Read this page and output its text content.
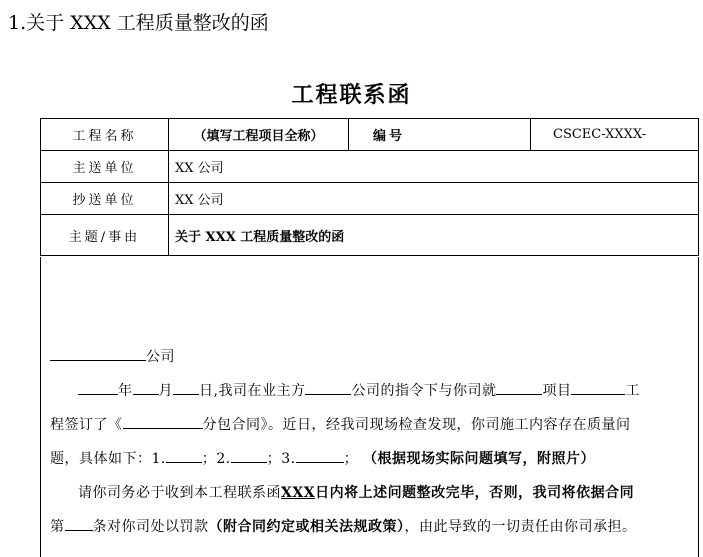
1.关于 XXX 工程质量整改的函
工程联系函
工程名称	（填写工程项目全称）	编号	CSCEC-XXXX-
主送单位	XX 公司		
抄送单位	XX 公司		
主题/事由	关于 XXX 工程质量整改的函		
公司
年 月 日,我司在业主方	公司的指令下与你司就	项目	工
程签订了《	分包合同》。近日，经我司现场检查发现，你司施工内容存在质量问
题，具体如下：1.	；2.	；3.	； （根据现场实际问题填写，附照片）
请你司务必于收到本工程联系函XXX日内将上述问题整改完毕，否则，我司将依据合同
第 条对你司处以罚款（附合同约定或相关法规政策），由此导致的一切责任由你司承担。
